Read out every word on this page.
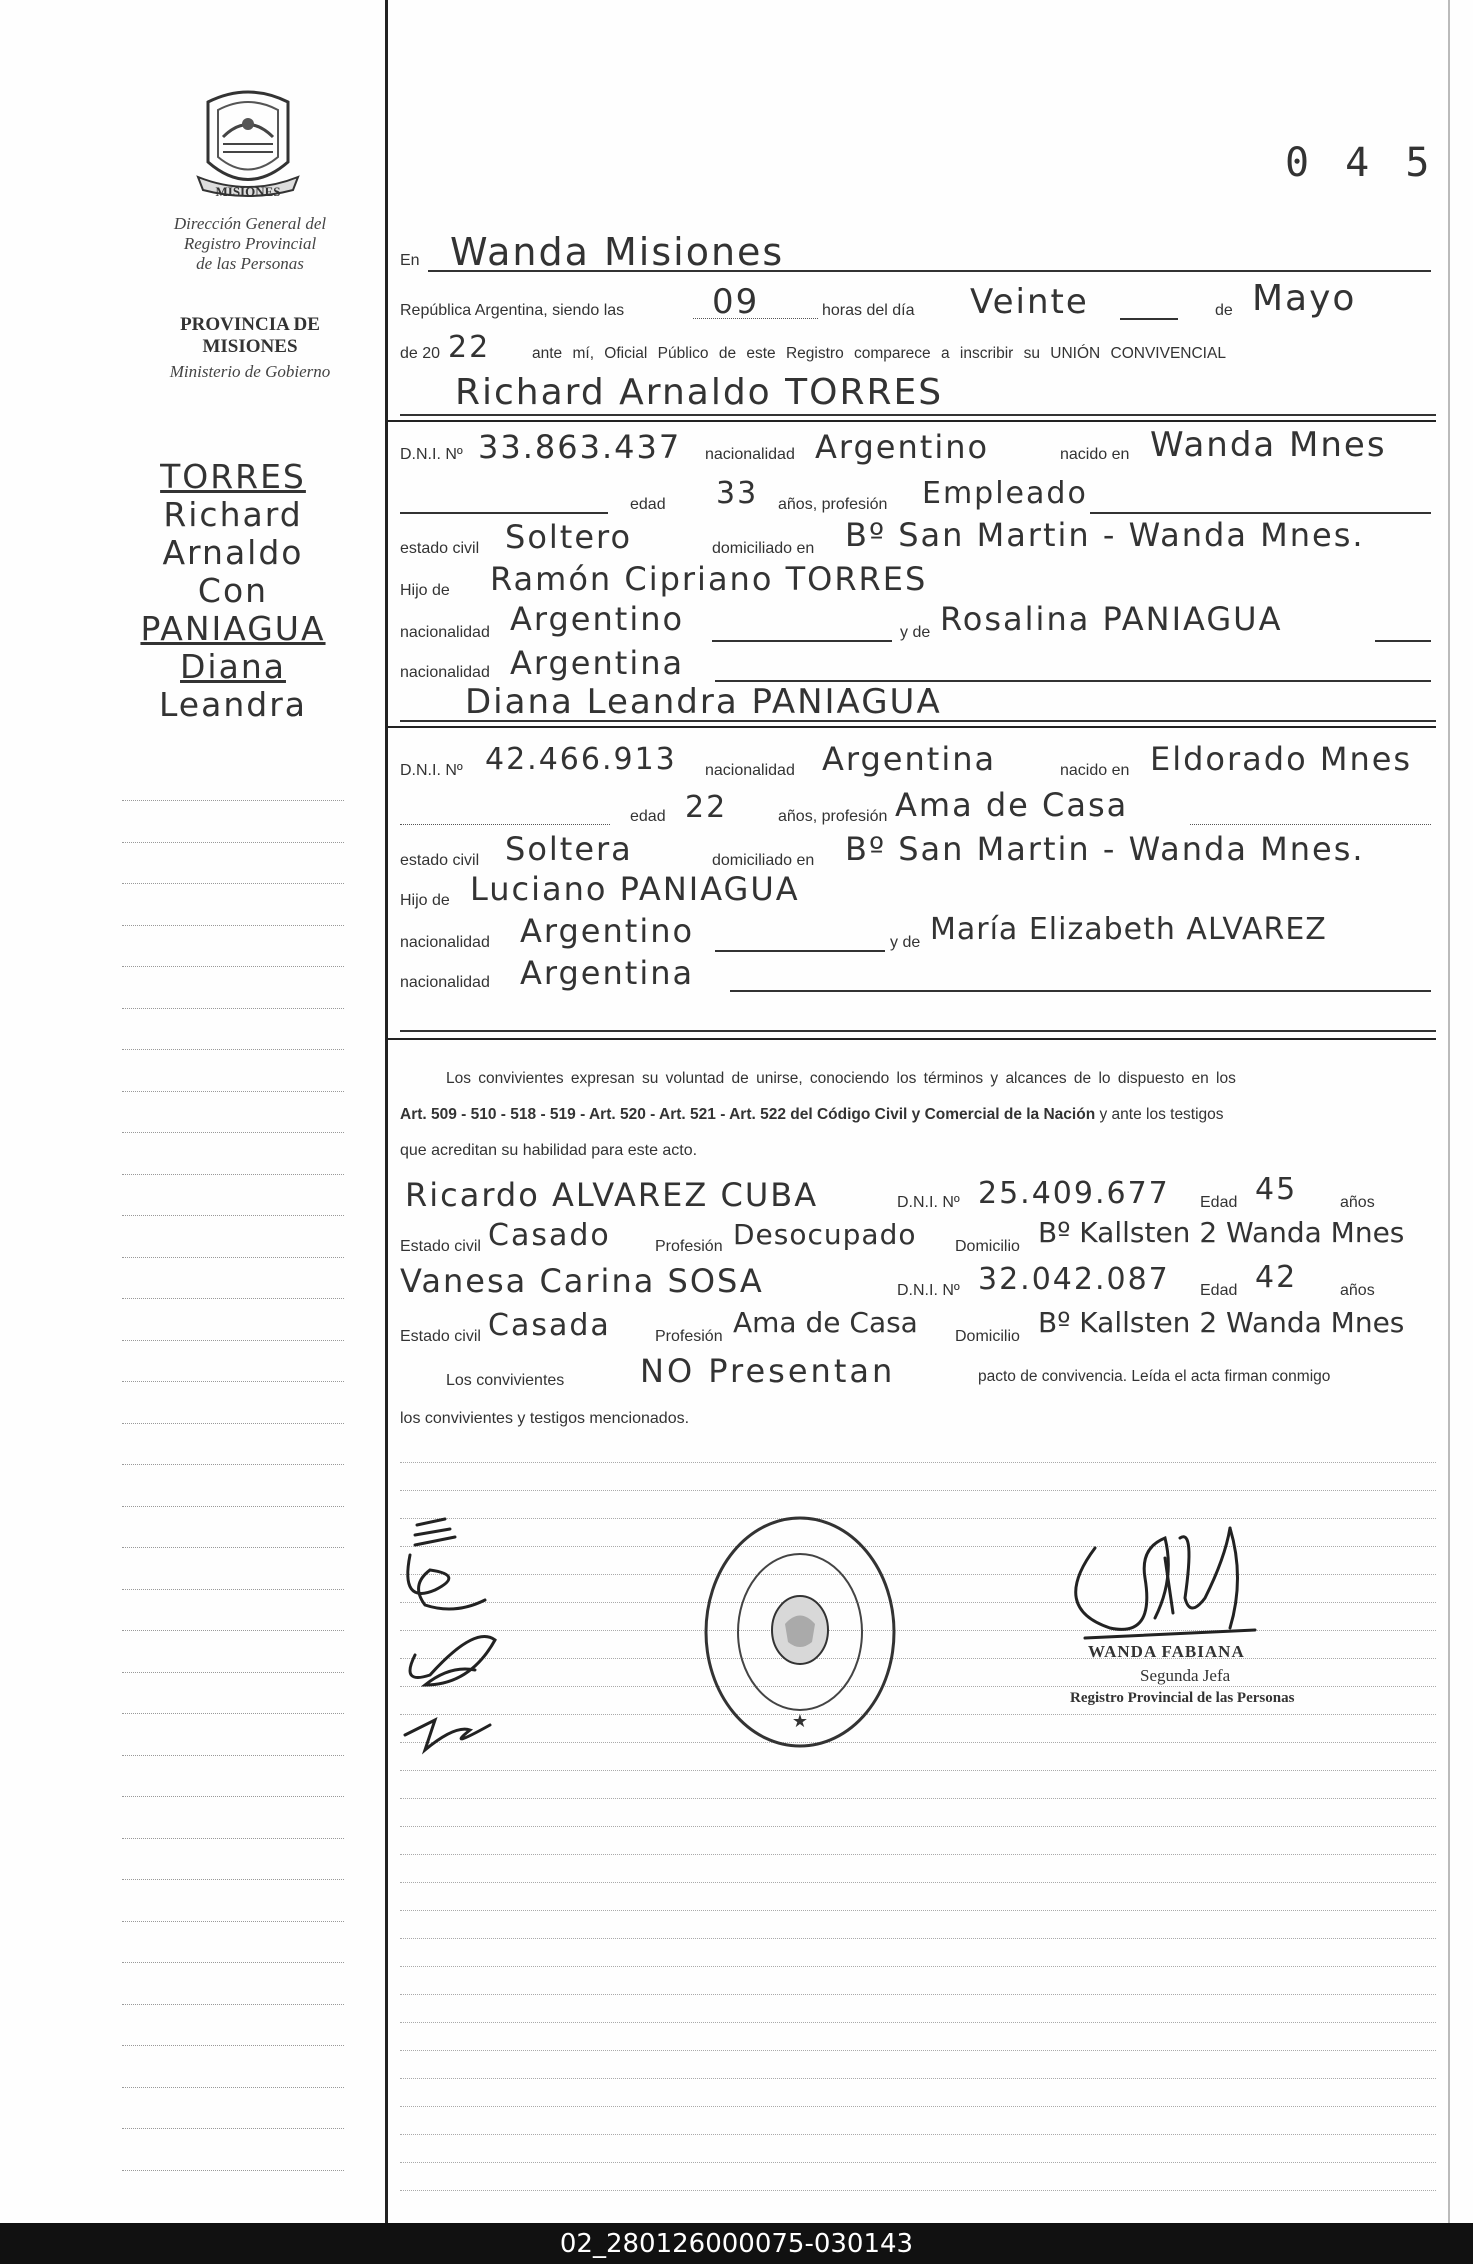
MISIONES
Dirección General del
Registro Provincial
de las Personas
PROVINCIA DE
MISIONES
Ministerio de Gobierno
0 4 5
TORRES
Richard
Arnaldo
Con
PANIAGUA
Diana
Leandra
En Wanda Misiones
República Argentina, siendo las	09	horas del día Veinte	de Mayo
de 20 22	ante mí, Oficial Público de este Registro comparece a inscribir su UNIÓN CONVIVENCIAL
Richard Arnaldo TORRES
D.N.I. Nº 33.863.437 nacionalidad Argentino	nacido en Wanda Mnes
edad 33 años, profesión Empleado
estado civil Soltero	domiciliado en Bº San Martin - Wanda Mnes.
Hijo de Ramón Cipriano TORRES
nacionalidad Argentino	y de Rosalina PANIAGUA
nacionalidad Argentina
Diana Leandra PANIAGUA
D.N.I. Nº 42.466.913 nacionalidad Argentina	nacido en Eldorado Mnes
edad 22	años, profesión Ama de Casa
estado civil Soltera	domiciliado en Bº San Martin - Wanda Mnes.
Hijo de Luciano PANIAGUA
nacionalidad Argentino	y de María Elizabeth ALVAREZ
nacionalidad Argentina
Los convivientes expresan su voluntad de unirse, conociendo los términos y alcances de lo dispuesto en los
Art. 509 - 510 - 518 - 519 - Art. 520 - Art. 521 - Art. 522 del Código Civil y Comercial de la Nación y ante los testigos
que acreditan su habilidad para este acto.
Ricardo ALVAREZ CUBA	D.N.I. Nº 25.409.677 Edad 45	años
Estado civil Casado	Profesión Desocupado Domicilio Bº Kallsten 2 Wanda Mnes
Vanesa Carina SOSA	D.N.I. Nº 32.042.087 Edad 42	años
Estado civil Casada	Profesión Ama de Casa Domicilio Bº Kallsten 2 Wanda Mnes
Los convivientes NO Presentan	pacto de convivencia. Leída el acta firman conmigo
los convivientes y testigos mencionados.
★
WANDA FABIANA
Segunda Jefa
Registro Provincial de las Personas
02_280126000075-030143
